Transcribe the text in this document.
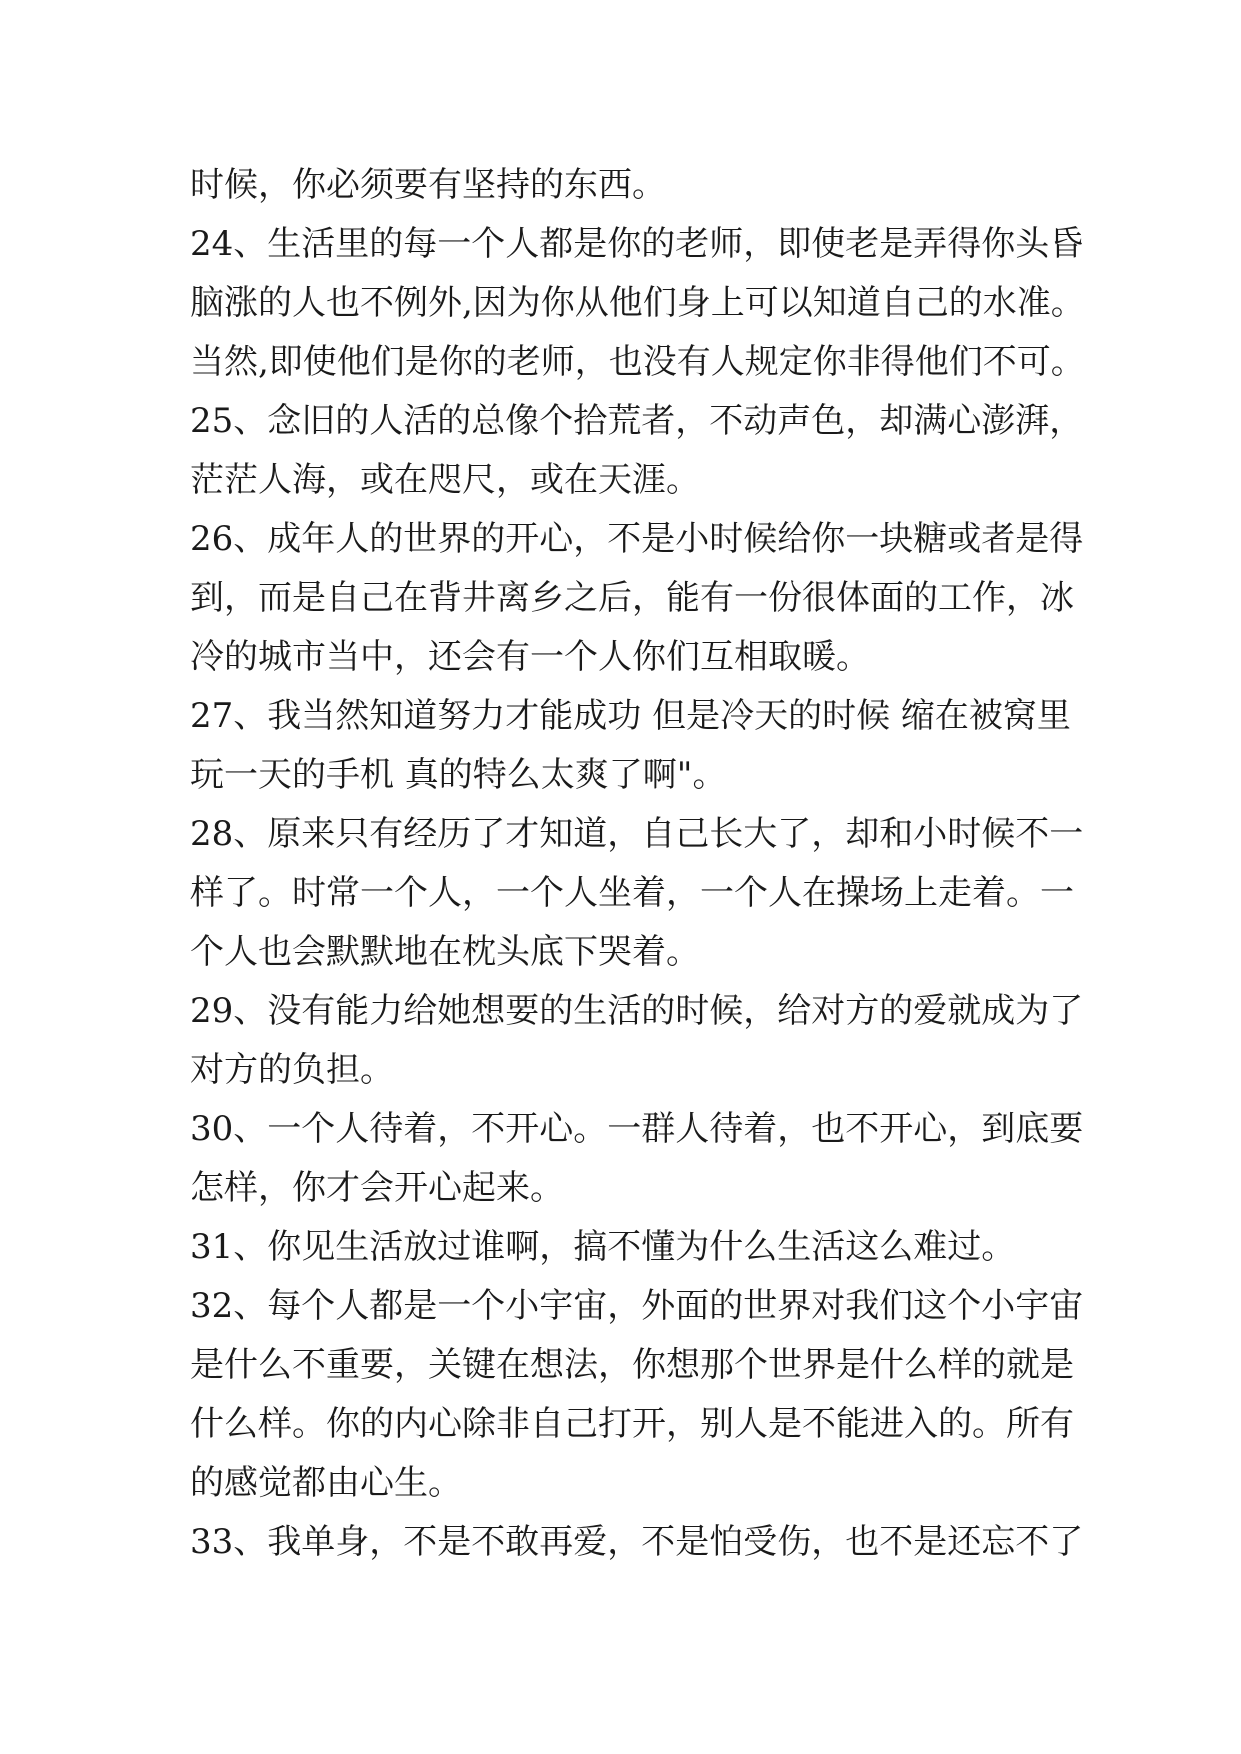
时候，你必须要有坚持的东西。
24、生活里的每一个人都是你的老师，即使老是弄得你头昏
脑涨的人也不例外,因为你从他们身上可以知道自己的水准。
当然,即使他们是你的老师，也没有人规定你非得他们不可。
25、念旧的人活的总像个拾荒者，不动声色，却满心澎湃，
茫茫人海，或在咫尺，或在天涯。
26、成年人的世界的开心，不是小时候给你一块糖或者是得
到，而是自己在背井离乡之后，能有一份很体面的工作，冰
冷的城市当中，还会有一个人你们互相取暖。
27、我当然知道努力才能成功 但是冷天的时候 缩在被窝里
玩一天的手机 真的特么太爽了啊"。
28、原来只有经历了才知道，自己长大了，却和小时候不一
样了。时常一个人，一个人坐着，一个人在操场上走着。一
个人也会默默地在枕头底下哭着。
29、没有能力给她想要的生活的时候，给对方的爱就成为了
对方的负担。
30、一个人待着，不开心。一群人待着，也不开心，到底要
怎样，你才会开心起来。
31、你见生活放过谁啊，搞不懂为什么生活这么难过。
32、每个人都是一个小宇宙，外面的世界对我们这个小宇宙
是什么不重要，关键在想法，你想那个世界是什么样的就是
什么样。你的内心除非自己打开，别人是不能进入的。所有
的感觉都由心生。
33、我单身，不是不敢再爱，不是怕受伤，也不是还忘不了
